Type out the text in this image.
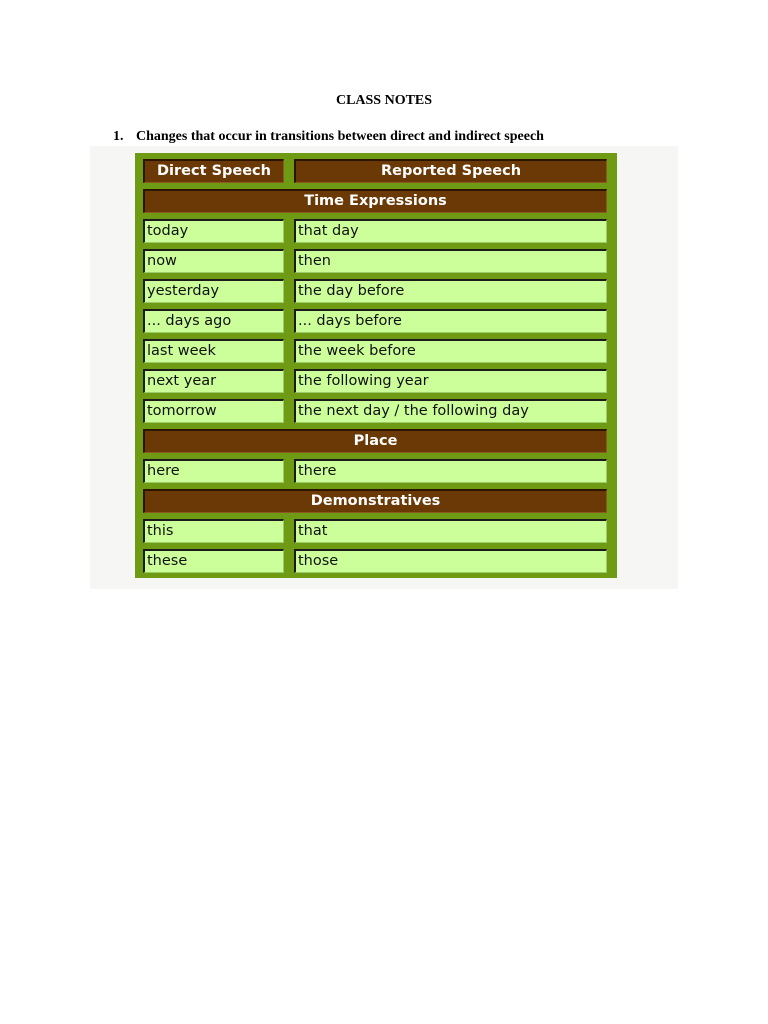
CLASS NOTES
1. Changes that occur in transitions between direct and indirect speech
Direct Speech	Reported Speech
Time Expressions
today	that day
now	then
yesterday	the day before
... days ago	... days before
last week	the week before
next year	the following year
tomorrow	the next day / the following day
Place
here	there
Demonstratives
this	that
these	those
